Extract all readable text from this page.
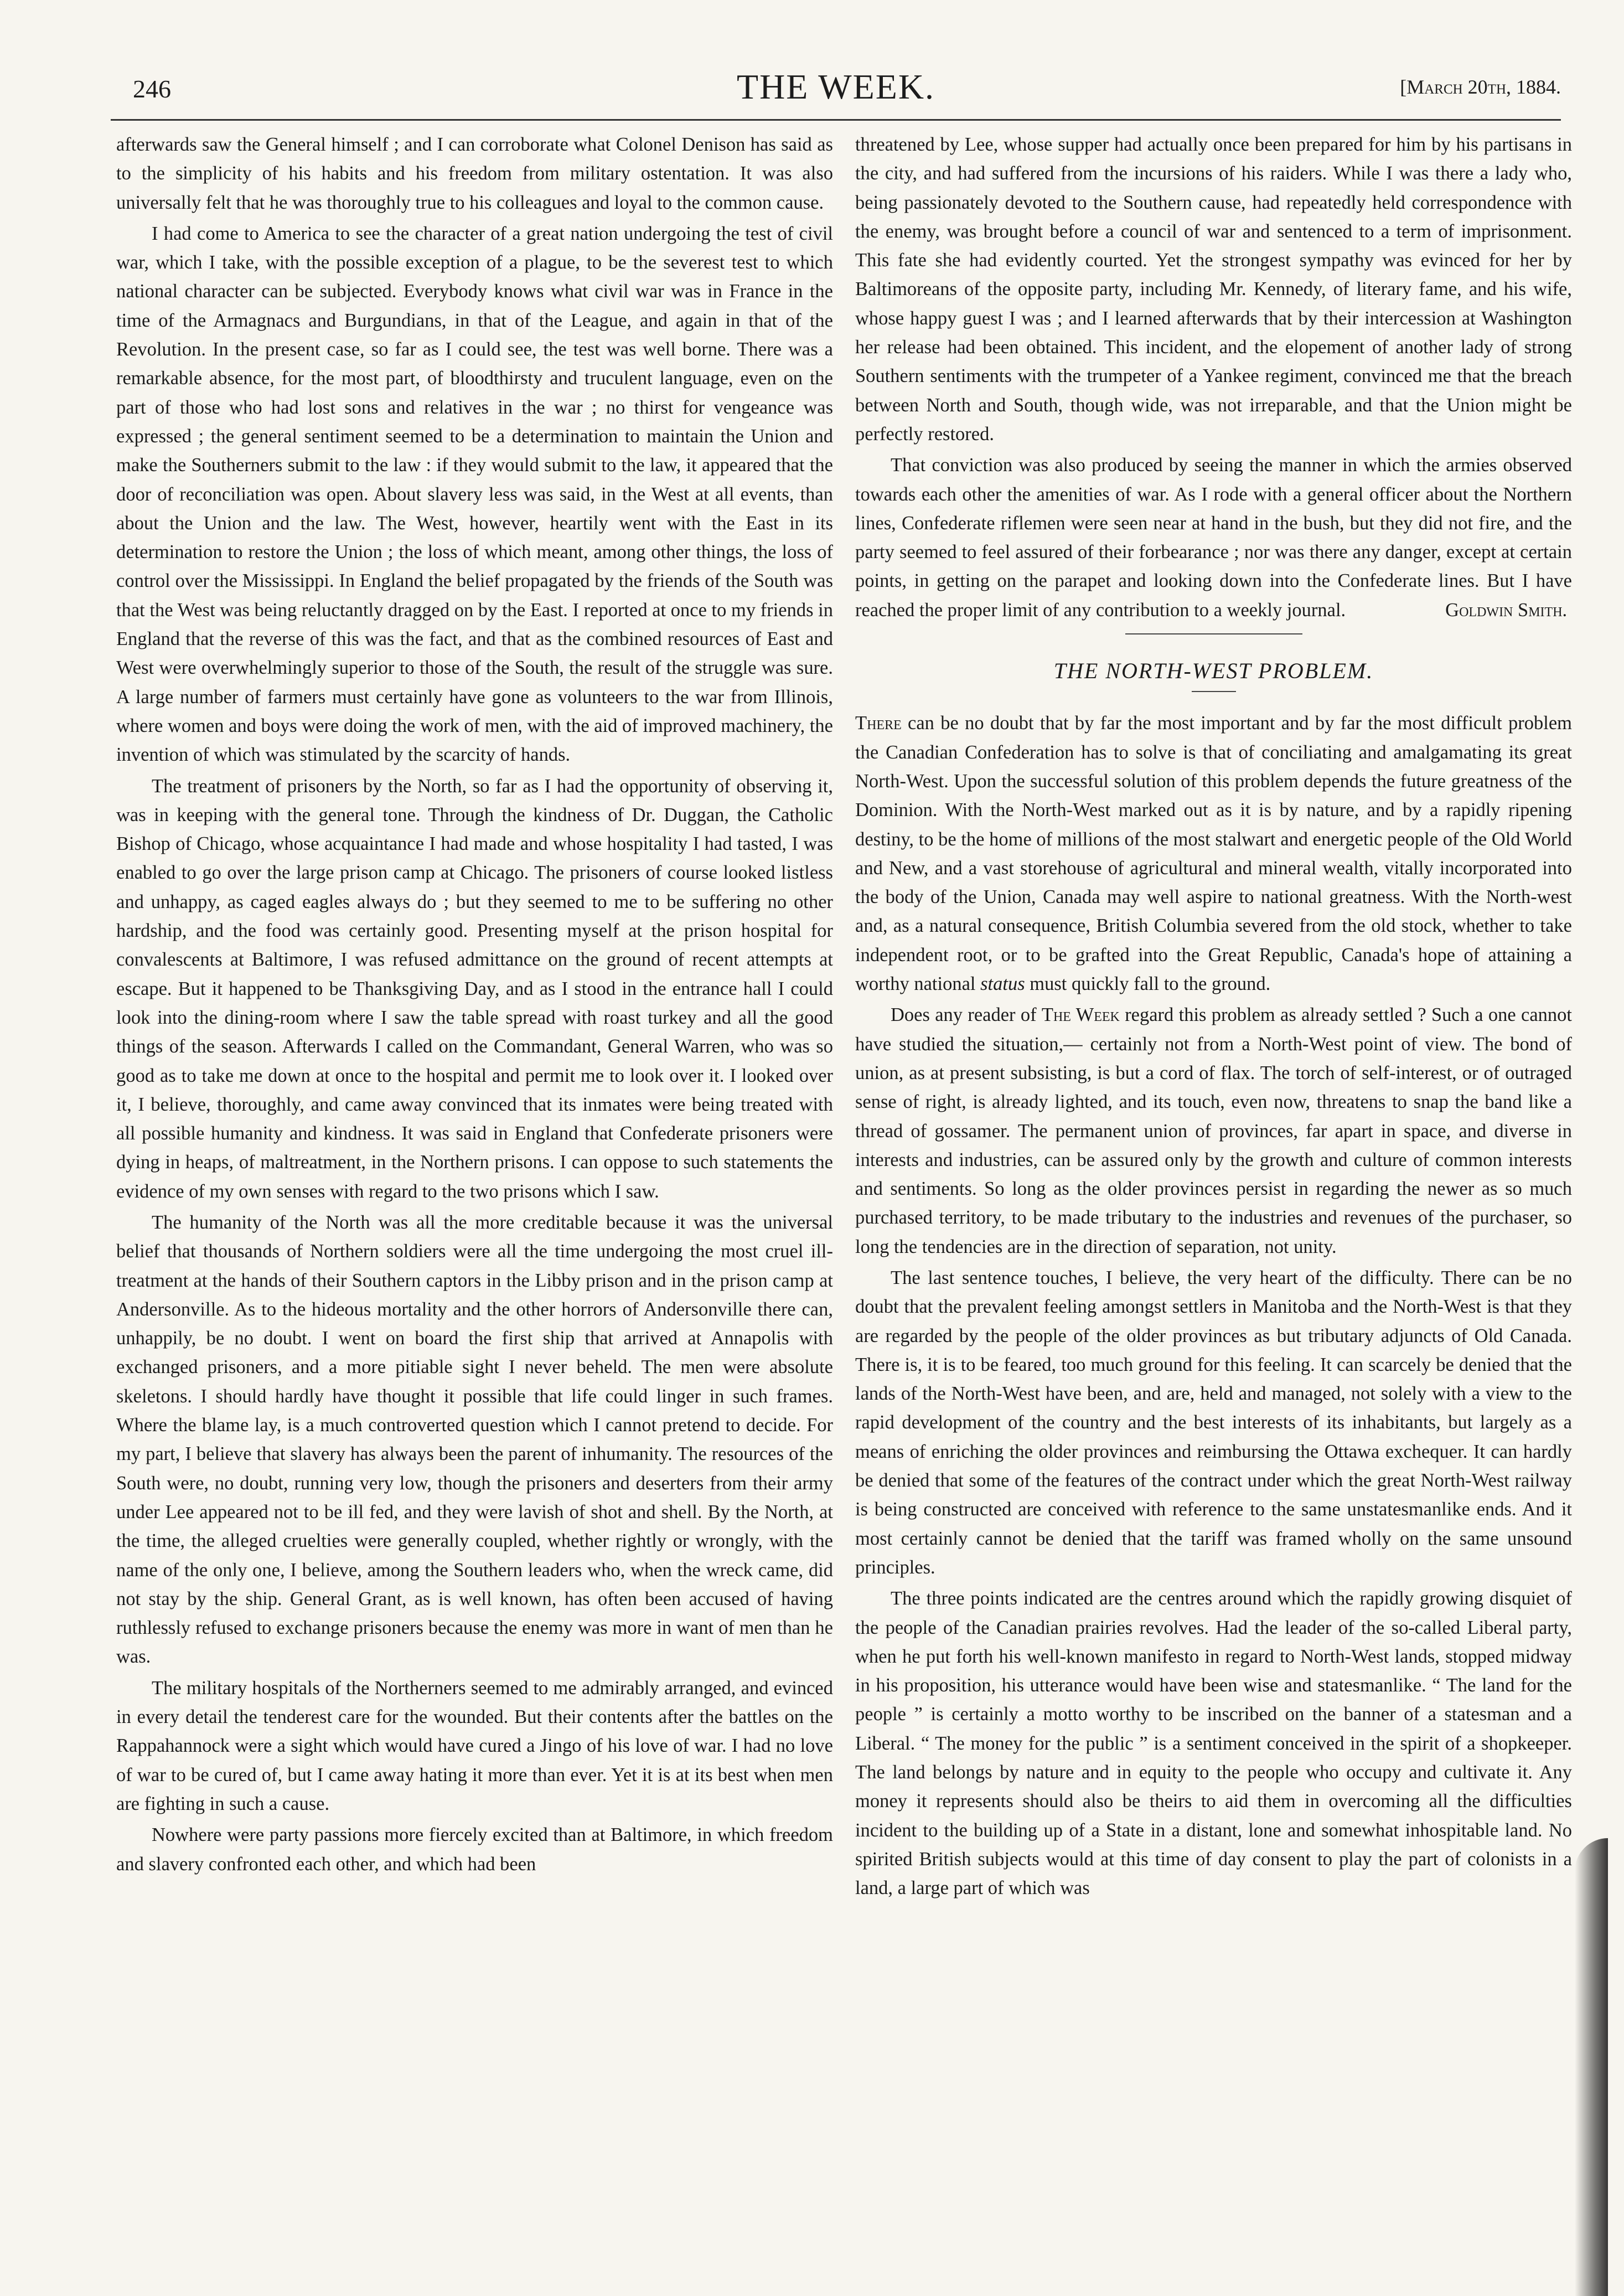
246	THE WEEK.	[March 20th, 1884.

afterwards saw the General himself ; and I can corroborate what Colonel Denison has said as to the simplicity of his habits and his freedom from military ostentation. It was also universally felt that he was thoroughly true to his colleagues and loyal to the common cause.

I had come to America to see the character of a great nation undergoing the test of civil war, which I take, with the possible exception of a plague, to be the severest test to which national character can be subjected. Everybody knows what civil war was in France in the time of the Armagnacs and Burgundians, in that of the League, and again in that of the Revolution. In the present case, so far as I could see, the test was well borne. There was a remarkable absence, for the most part, of bloodthirsty and truculent language, even on the part of those who had lost sons and relatives in the war ; no thirst for vengeance was expressed ; the general sentiment seemed to be a determination to maintain the Union and make the Southerners submit to the law : if they would submit to the law, it appeared that the door of reconciliation was open. About slavery less was said, in the West at all events, than about the Union and the law. The West, however, heartily went with the East in its determination to restore the Union ; the loss of which meant, among other things, the loss of control over the Mississippi. In England the belief propagated by the friends of the South was that the West was being reluctantly dragged on by the East. I reported at once to my friends in England that the reverse of this was the fact, and that as the combined resources of East and West were overwhelmingly superior to those of the South, the result of the struggle was sure. A large number of farmers must certainly have gone as volunteers to the war from Illinois, where women and boys were doing the work of men, with the aid of improved machinery, the invention of which was stimulated by the scarcity of hands.

The treatment of prisoners by the North, so far as I had the opportunity of observing it, was in keeping with the general tone. Through the kindness of Dr. Duggan, the Catholic Bishop of Chicago, whose acquaintance I had made and whose hospitality I had tasted, I was enabled to go over the large prison camp at Chicago. The prisoners of course looked listless and unhappy, as caged eagles always do ; but they seemed to me to be suffering no other hardship, and the food was certainly good. Presenting myself at the prison hospital for convalescents at Baltimore, I was refused admittance on the ground of recent attempts at escape. But it happened to be Thanksgiving Day, and as I stood in the entrance hall I could look into the dining-room where I saw the table spread with roast turkey and all the good things of the season. Afterwards I called on the Commandant, General Warren, who was so good as to take me down at once to the hospital and permit me to look over it. I looked over it, I believe, thoroughly, and came away convinced that its inmates were being treated with all possible humanity and kindness. It was said in England that Confederate prisoners were dying in heaps, of maltreatment, in the Northern prisons. I can oppose to such statements the evidence of my own senses with regard to the two prisons which I saw.

The humanity of the North was all the more creditable because it was the universal belief that thousands of Northern soldiers were all the time undergoing the most cruel ill-treatment at the hands of their Southern captors in the Libby prison and in the prison camp at Andersonville. As to the hideous mortality and the other horrors of Andersonville there can, unhappily, be no doubt. I went on board the first ship that arrived at Annapolis with exchanged prisoners, and a more pitiable sight I never beheld. The men were absolute skeletons. I should hardly have thought it possible that life could linger in such frames. Where the blame lay, is a much controverted question which I cannot pretend to decide. For my part, I believe that slavery has always been the parent of inhumanity. The resources of the South were, no doubt, running very low, though the prisoners and deserters from their army under Lee appeared not to be ill fed, and they were lavish of shot and shell. By the North, at the time, the alleged cruelties were generally coupled, whether rightly or wrongly, with the name of the only one, I believe, among the Southern leaders who, when the wreck came, did not stay by the ship. General Grant, as is well known, has often been accused of having ruthlessly refused to exchange prisoners because the enemy was more in want of men than he was.

The military hospitals of the Northerners seemed to me admirably arranged, and evinced in every detail the tenderest care for the wounded. But their contents after the battles on the Rappahannock were a sight which would have cured a Jingo of his love of war. I had no love of war to be cured of, but I came away hating it more than ever. Yet it is at its best when men are fighting in such a cause.

Nowhere were party passions more fiercely excited than at Baltimore, in which freedom and slavery confronted each other, and which had been

threatened by Lee, whose supper had actually once been prepared for him by his partisans in the city, and had suffered from the incursions of his raiders. While I was there a lady who, being passionately devoted to the Southern cause, had repeatedly held correspondence with the enemy, was brought before a council of war and sentenced to a term of imprisonment. This fate she had evidently courted. Yet the strongest sympathy was evinced for her by Baltimoreans of the opposite party, including Mr. Kennedy, of literary fame, and his wife, whose happy guest I was ; and I learned afterwards that by their intercession at Washington her release had been obtained. This incident, and the elopement of another lady of strong Southern sentiments with the trumpeter of a Yankee regiment, convinced me that the breach between North and South, though wide, was not irreparable, and that the Union might be perfectly restored.

That conviction was also produced by seeing the manner in which the armies observed towards each other the amenities of war. As I rode with a general officer about the Northern lines, Confederate riflemen were seen near at hand in the bush, but they did not fire, and the party seemed to feel assured of their forbearance ; nor was there any danger, except at certain points, in getting on the parapet and looking down into the Confederate lines. But I have reached the proper limit of any contribution to a weekly journal.	Goldwin Smith.

THE NORTH-WEST PROBLEM.

There can be no doubt that by far the most important and by far the most difficult problem the Canadian Confederation has to solve is that of conciliating and amalgamating its great North-West. Upon the successful solution of this problem depends the future greatness of the Dominion. With the North-West marked out as it is by nature, and by a rapidly ripening destiny, to be the home of millions of the most stalwart and energetic people of the Old World and New, and a vast storehouse of agricultural and mineral wealth, vitally incorporated into the body of the Union, Canada may well aspire to national greatness. With the North-west and, as a natural consequence, British Columbia severed from the old stock, whether to take independent root, or to be grafted into the Great Republic, Canada's hope of attaining a worthy national status must quickly fall to the ground.

Does any reader of The Week regard this problem as already settled ? Such a one cannot have studied the situation,— certainly not from a North-West point of view. The bond of union, as at present subsisting, is but a cord of flax. The torch of self-interest, or of outraged sense of right, is already lighted, and its touch, even now, threatens to snap the band like a thread of gossamer. The permanent union of provinces, far apart in space, and diverse in interests and industries, can be assured only by the growth and culture of common interests and sentiments. So long as the older provinces persist in regarding the newer as so much purchased territory, to be made tributary to the industries and revenues of the purchaser, so long the tendencies are in the direction of separation, not unity.

The last sentence touches, I believe, the very heart of the difficulty. There can be no doubt that the prevalent feeling amongst settlers in Manitoba and the North-West is that they are regarded by the people of the older provinces as but tributary adjuncts of Old Canada. There is, it is to be feared, too much ground for this feeling. It can scarcely be denied that the lands of the North-West have been, and are, held and managed, not solely with a view to the rapid development of the country and the best interests of its inhabitants, but largely as a means of enriching the older provinces and reimbursing the Ottawa exchequer. It can hardly be denied that some of the features of the contract under which the great North-West railway is being constructed are conceived with reference to the same unstatesmanlike ends. And it most certainly cannot be denied that the tariff was framed wholly on the same unsound principles.

The three points indicated are the centres around which the rapidly growing disquiet of the people of the Canadian prairies revolves. Had the leader of the so-called Liberal party, when he put forth his well-known manifesto in regard to North-West lands, stopped midway in his proposition, his utterance would have been wise and statesmanlike. “ The land for the people ” is certainly a motto worthy to be inscribed on the banner of a statesman and a Liberal. “ The money for the public ” is a sentiment conceived in the spirit of a shopkeeper. The land belongs by nature and in equity to the people who occupy and cultivate it. Any money it represents should also be theirs to aid them in overcoming all the difficulties incident to the building up of a State in a distant, lone and somewhat inhospitable land. No spirited British subjects would at this time of day consent to play the part of colonists in a land, a large part of which was
